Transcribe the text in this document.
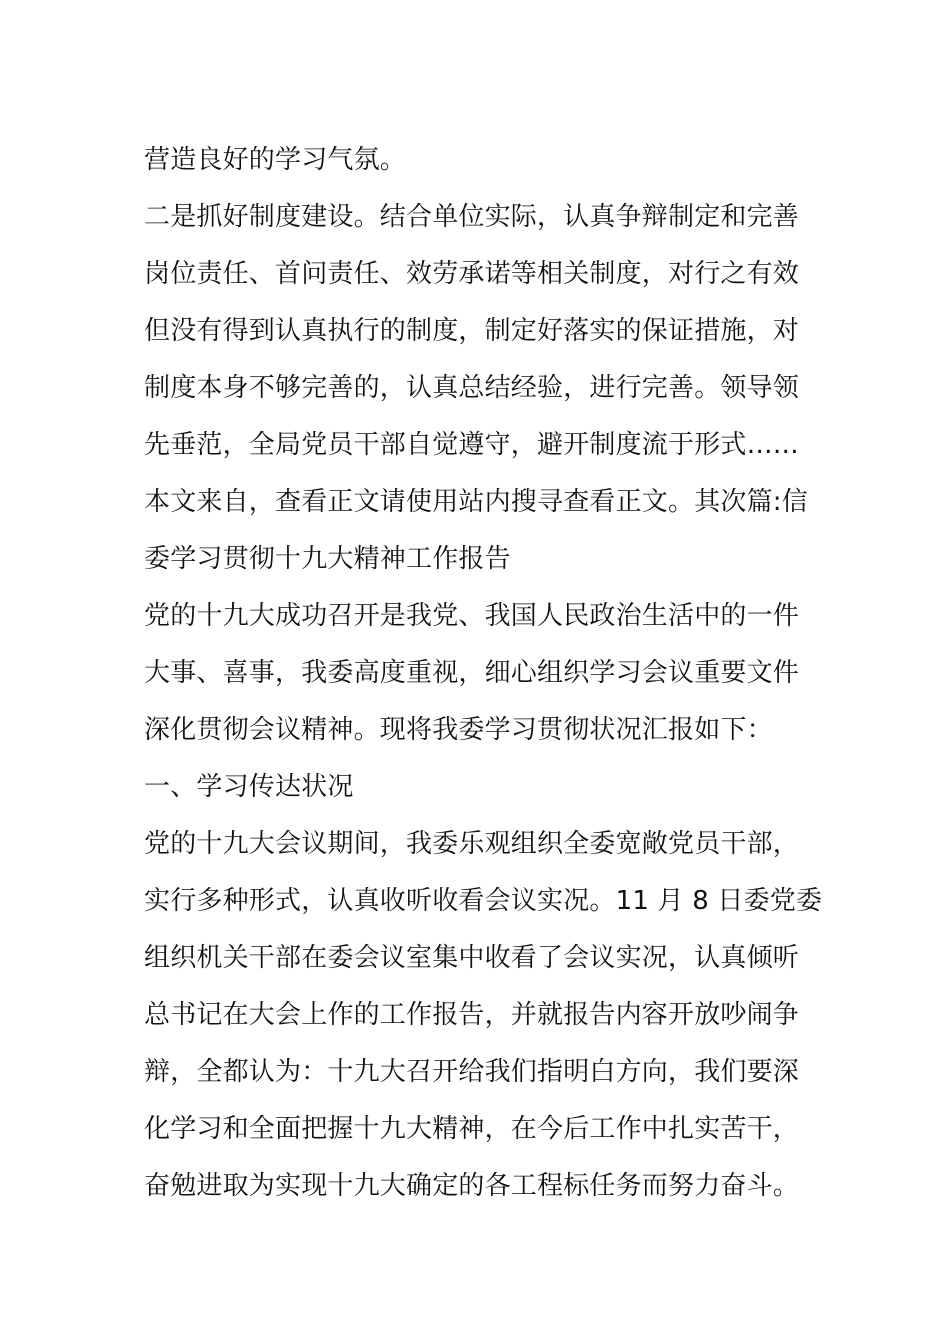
营造良好的学习气氛。
二是抓好制度建设。结合单位实际，认真争辩制定和完善
岗位责任、首问责任、效劳承诺等相关制度，对行之有效
但没有得到认真执行的制度，制定好落实的保证措施，对
制度本身不够完善的，认真总结经验，进行完善。领导领
先垂范，全局党员干部自觉遵守，避开制度流于形式……
本文来自，查看正文请使用站内搜寻查看正文。其次篇:信
委学习贯彻十九大精神工作报告
党的十九大成功召开是我党、我国人民政治生活中的一件
大事、喜事，我委高度重视，细心组织学习会议重要文件
深化贯彻会议精神。现将我委学习贯彻状况汇报如下：
一、学习传达状况
党的十九大会议期间，我委乐观组织全委宽敞党员干部，
实行多种形式，认真收听收看会议实况。11 月 8 日委党委
组织机关干部在委会议室集中收看了会议实况，认真倾听
总书记在大会上作的工作报告，并就报告内容开放吵闹争
辩，全都认为：十九大召开给我们指明白方向，我们要深
化学习和全面把握十九大精神，在今后工作中扎实苦干，
奋勉进取为实现十九大确定的各工程标任务而努力奋斗。
